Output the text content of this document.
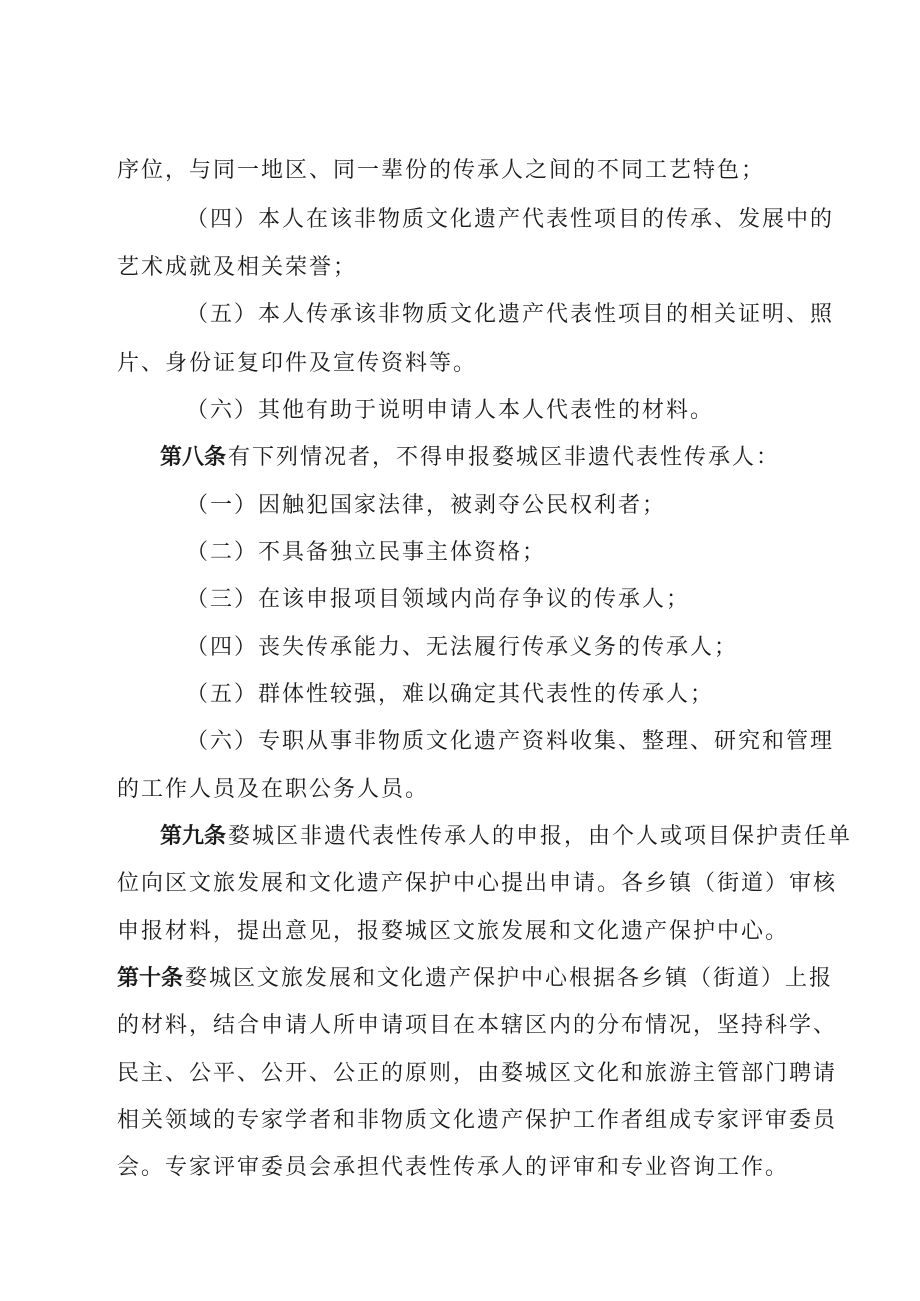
序位，与同一地区、同一辈份的传承人之间的不同工艺特色；
（四）本人在该非物质文化遗产代表性项目的传承、发展中的
艺术成就及相关荣誉；
（五）本人传承该非物质文化遗产代表性项目的相关证明、照
片、身份证复印件及宣传资料等。
（六）其他有助于说明申请人本人代表性的材料。
第八条有下列情况者，不得申报婺城区非遗代表性传承人：
（一）因触犯国家法律，被剥夺公民权利者；
（二）不具备独立民事主体资格；
（三）在该申报项目领域内尚存争议的传承人；
（四）丧失传承能力、无法履行传承义务的传承人；
（五）群体性较强，难以确定其代表性的传承人；
（六）专职从事非物质文化遗产资料收集、整理、研究和管理
的工作人员及在职公务人员。
第九条婺城区非遗代表性传承人的申报，由个人或项目保护责任单
位向区文旅发展和文化遗产保护中心提出申请。各乡镇（街道）审核
申报材料，提出意见，报婺城区文旅发展和文化遗产保护中心。
第十条婺城区文旅发展和文化遗产保护中心根据各乡镇（街道）上报
的材料，结合申请人所申请项目在本辖区内的分布情况，坚持科学、
民主、公平、公开、公正的原则，由婺城区文化和旅游主管部门聘请
相关领域的专家学者和非物质文化遗产保护工作者组成专家评审委员
会。专家评审委员会承担代表性传承人的评审和专业咨询工作。
